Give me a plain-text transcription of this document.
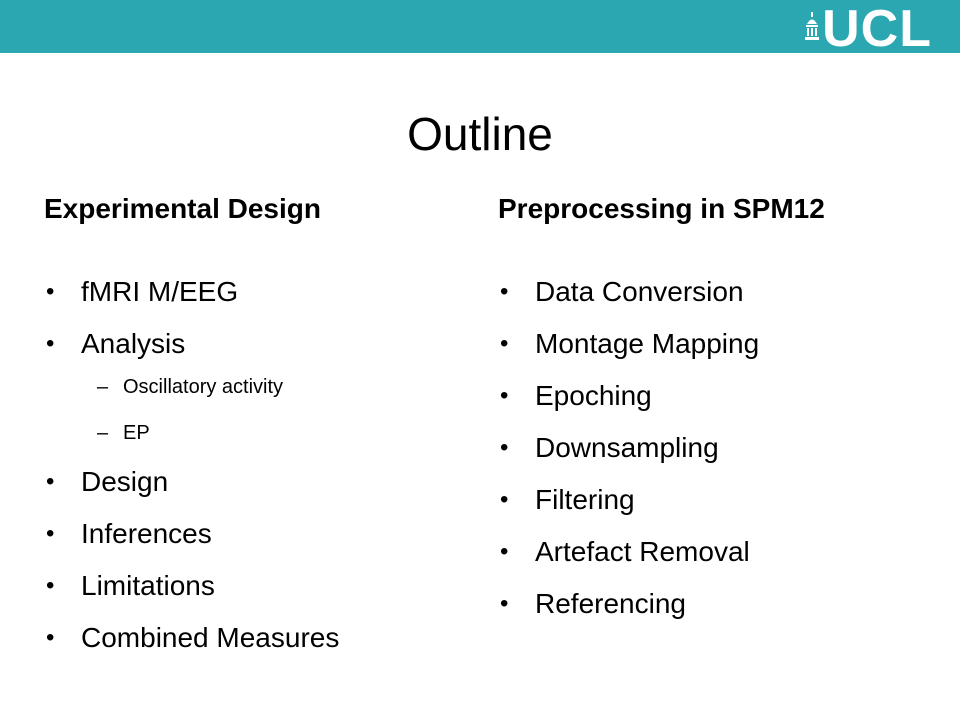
UCL
Outline
Experimental Design
• fMRI M/EEG
• Analysis
– Oscillatory activity
– EP
• Design
• Inferences
• Limitations
• Combined Measures
Preprocessing in SPM12
• Data Conversion
• Montage Mapping
• Epoching
• Downsampling
• Filtering
• Artefact Removal
• Referencing
